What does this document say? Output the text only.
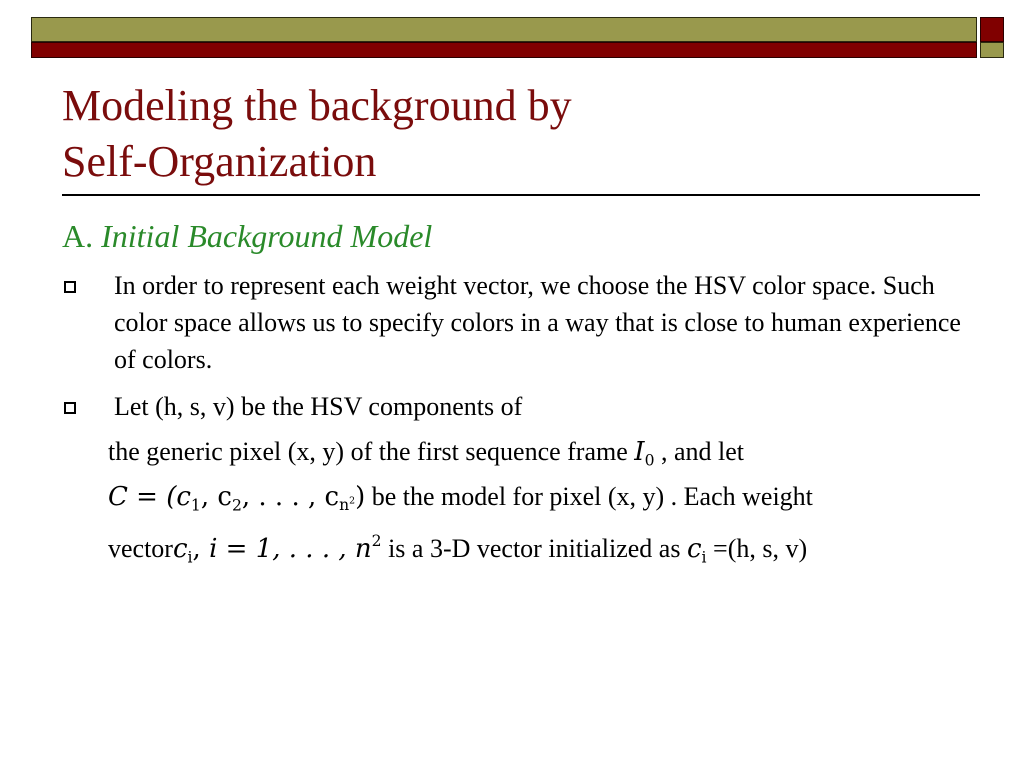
Modeling the background by
Self-Organization
A. Initial Background Model
In order to represent each weight vector, we choose the HSV color space. Such color space allows us to specify colors in a way that is close to human experience of colors.
Let (h, s, v) be the HSV components of
the generic pixel (x, y) of the first sequence frame $I_0$ , and let
$C = (c_1$, $c_2$, . . . , $c_{n^2}$) be the model for pixel (x, y) . Each weight
vectorc$_i$, i = 1, . . . , $n^2$ is a 3-D vector initialized as $c_i =(h$, s, v)
